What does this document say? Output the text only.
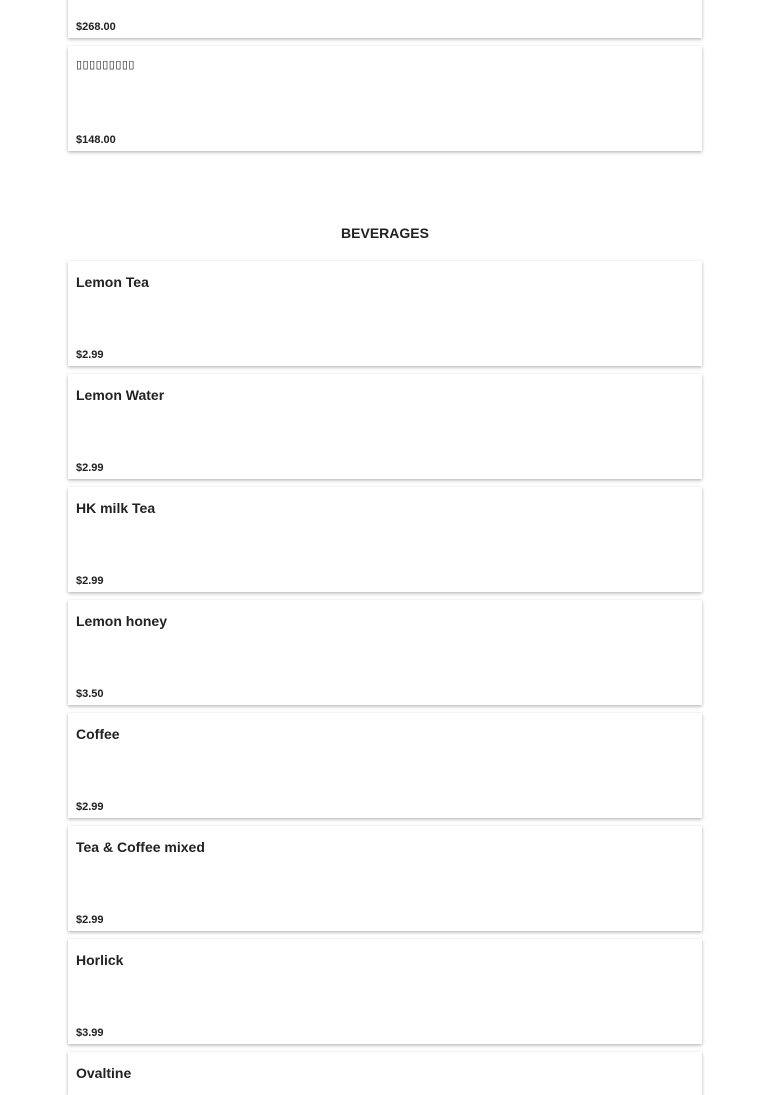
$268.00
▯▯▯▯▯▯▯▯▯
$148.00
BEVERAGES
Lemon Tea
$2.99
Lemon Water
$2.99
HK milk Tea
$2.99
Lemon honey
$3.50
Coffee
$2.99
Tea & Coffee mixed
$2.99
Horlick
$3.99
Ovaltine
